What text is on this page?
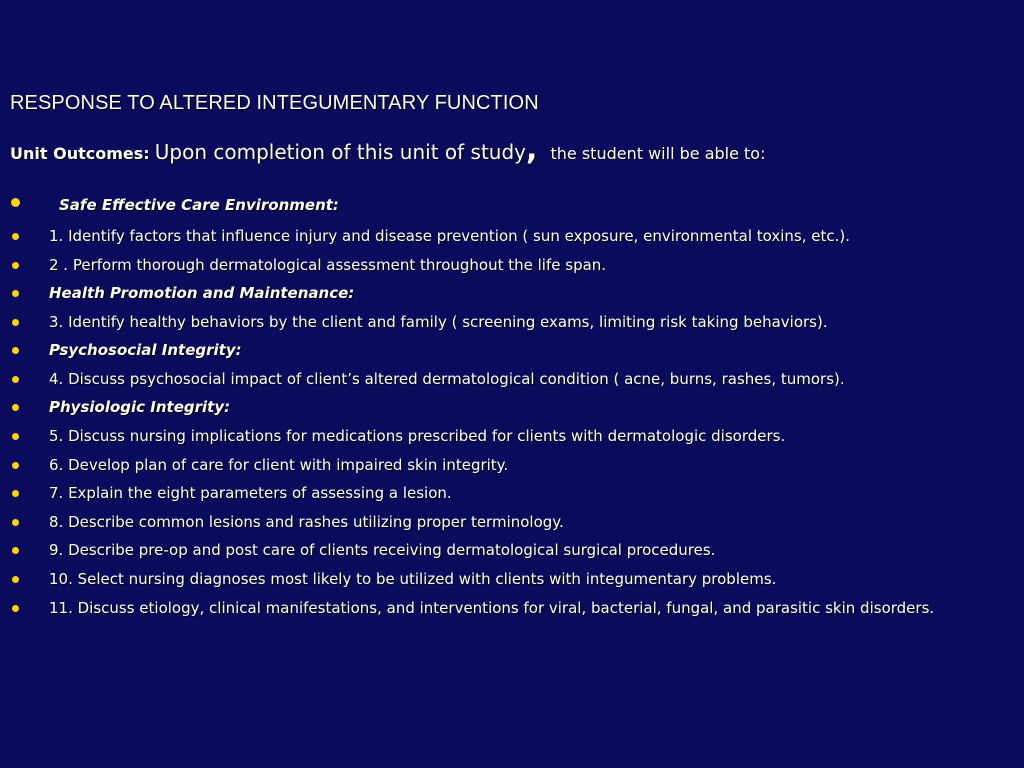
RESPONSE TO ALTERED INTEGUMENTARY FUNCTION
Unit Outcomes: Upon completion of this unit of study, the student will be able to:
Safe Effective Care Environment:
1. Identify factors that influence injury and disease prevention ( sun exposure, environmental toxins, etc.).
2 . Perform thorough dermatological assessment throughout the life span.
Health Promotion and Maintenance:
3. Identify healthy behaviors by the client and family ( screening exams, limiting risk taking behaviors).
Psychosocial Integrity:
4. Discuss psychosocial impact of client’s altered dermatological condition ( acne, burns, rashes, tumors).
Physiologic Integrity:
5. Discuss nursing implications for medications prescribed for clients with dermatologic disorders.
6. Develop plan of care for client with impaired skin integrity.
7. Explain the eight parameters of assessing a lesion.
8. Describe common lesions and rashes utilizing proper terminology.
9. Describe pre-op and post care of clients receiving dermatological surgical procedures.
10. Select nursing diagnoses most likely to be utilized with clients with integumentary problems.
11. Discuss etiology, clinical manifestations, and interventions for viral, bacterial, fungal, and parasitic skin disorders.
